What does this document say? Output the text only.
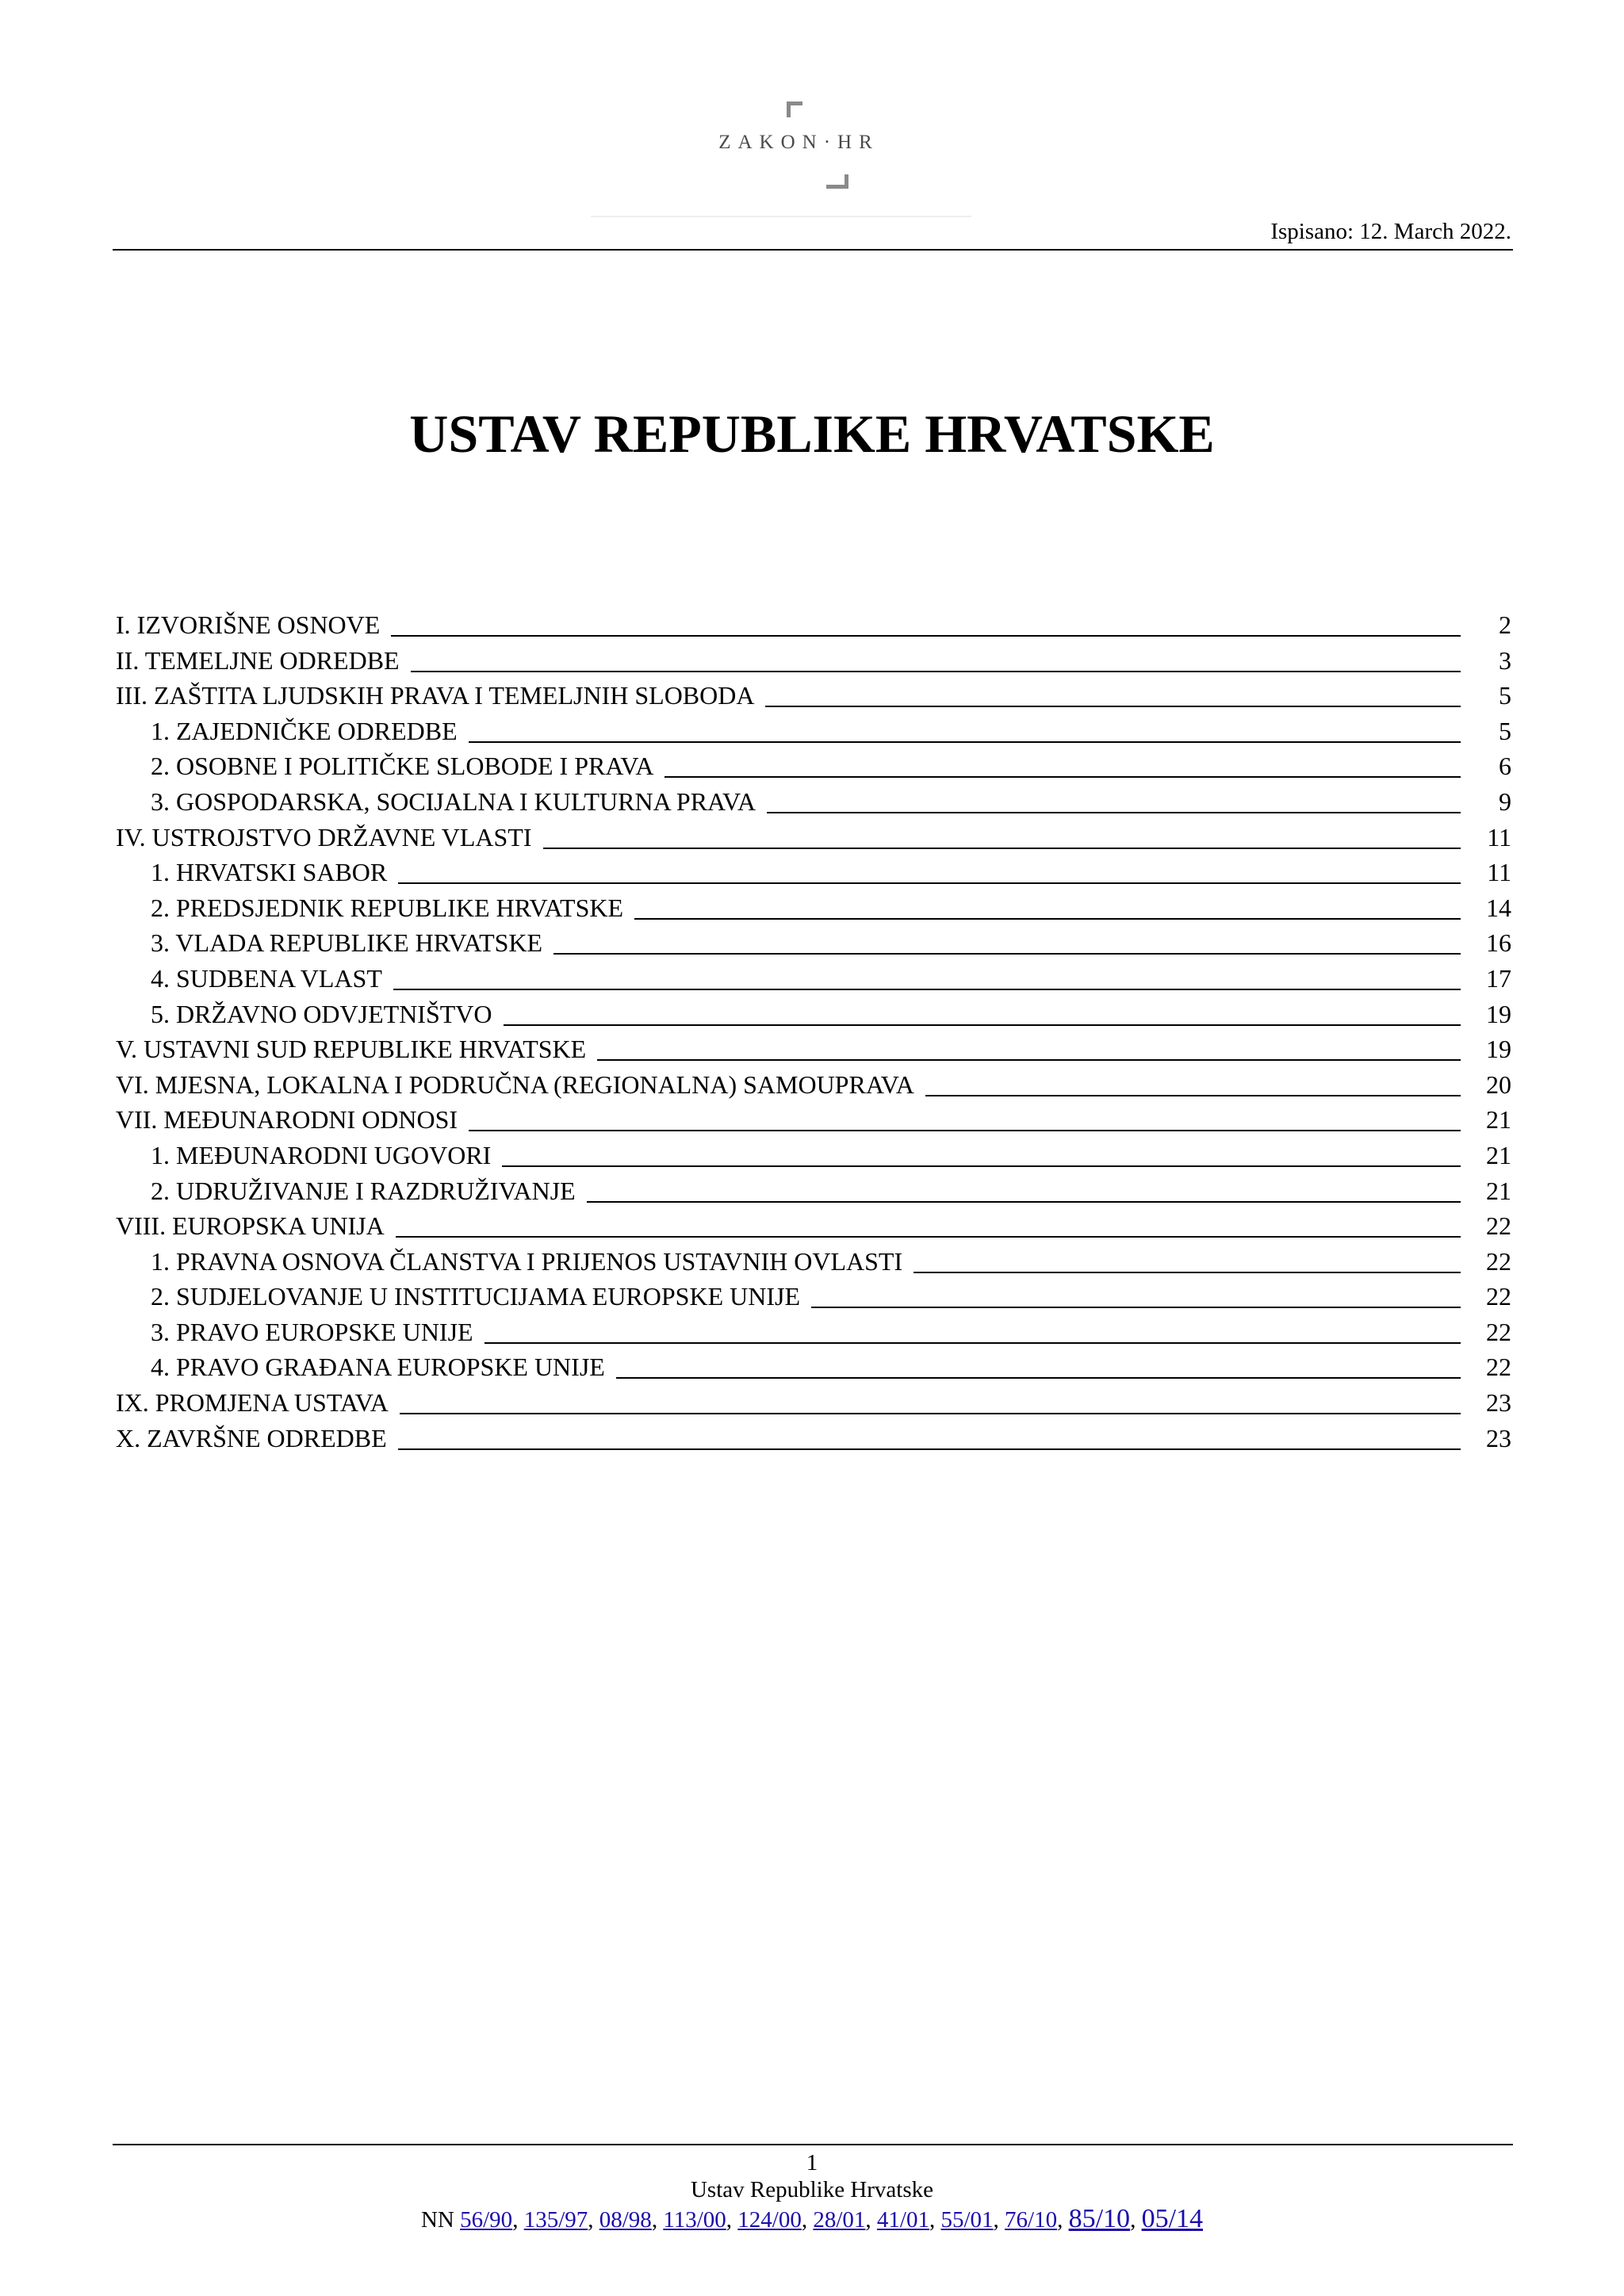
ZAKON·HR
Ispisano: 12. March 2022.
USTAV REPUBLIKE HRVATSKE
I. IZVORIŠNE OSNOVE	2
II. TEMELJNE ODREDBE	3
III. ZAŠTITA LJUDSKIH PRAVA I TEMELJNIH SLOBODA	5
1. ZAJEDNIČKE ODREDBE	5
2. OSOBNE I POLITIČKE SLOBODE I PRAVA	6
3. GOSPODARSKA, SOCIJALNA I KULTURNA PRAVA	9
IV. USTROJSTVO DRŽAVNE VLASTI	11
1. HRVATSKI SABOR	11
2. PREDSJEDNIK REPUBLIKE HRVATSKE	14
3. VLADA REPUBLIKE HRVATSKE	16
4. SUDBENA VLAST	17
5. DRŽAVNO ODVJETNIŠTVO	19
V. USTAVNI SUD REPUBLIKE HRVATSKE	19
VI. MJESNA, LOKALNA I PODRUČNA (REGIONALNA) SAMOUPRAVA	20
VII. MEĐUNARODNI ODNOSI	21
1. MEĐUNARODNI UGOVORI	21
2. UDRUŽIVANJE I RAZDRUŽIVANJE	21
VIII. EUROPSKA UNIJA	22
1. PRAVNA OSNOVA ČLANSTVA I PRIJENOS USTAVNIH OVLASTI	22
2. SUDJELOVANJE U INSTITUCIJAMA EUROPSKE UNIJE	22
3. PRAVO EUROPSKE UNIJE	22
4. PRAVO GRAĐANA EUROPSKE UNIJE	22
IX. PROMJENA USTAVA	23
X. ZAVRŠNE ODREDBE	23
1
Ustav Republike Hrvatske
NN 56/90, 135/97, 08/98, 113/00, 124/00, 28/01, 41/01, 55/01, 76/10, 85/10, 05/14
